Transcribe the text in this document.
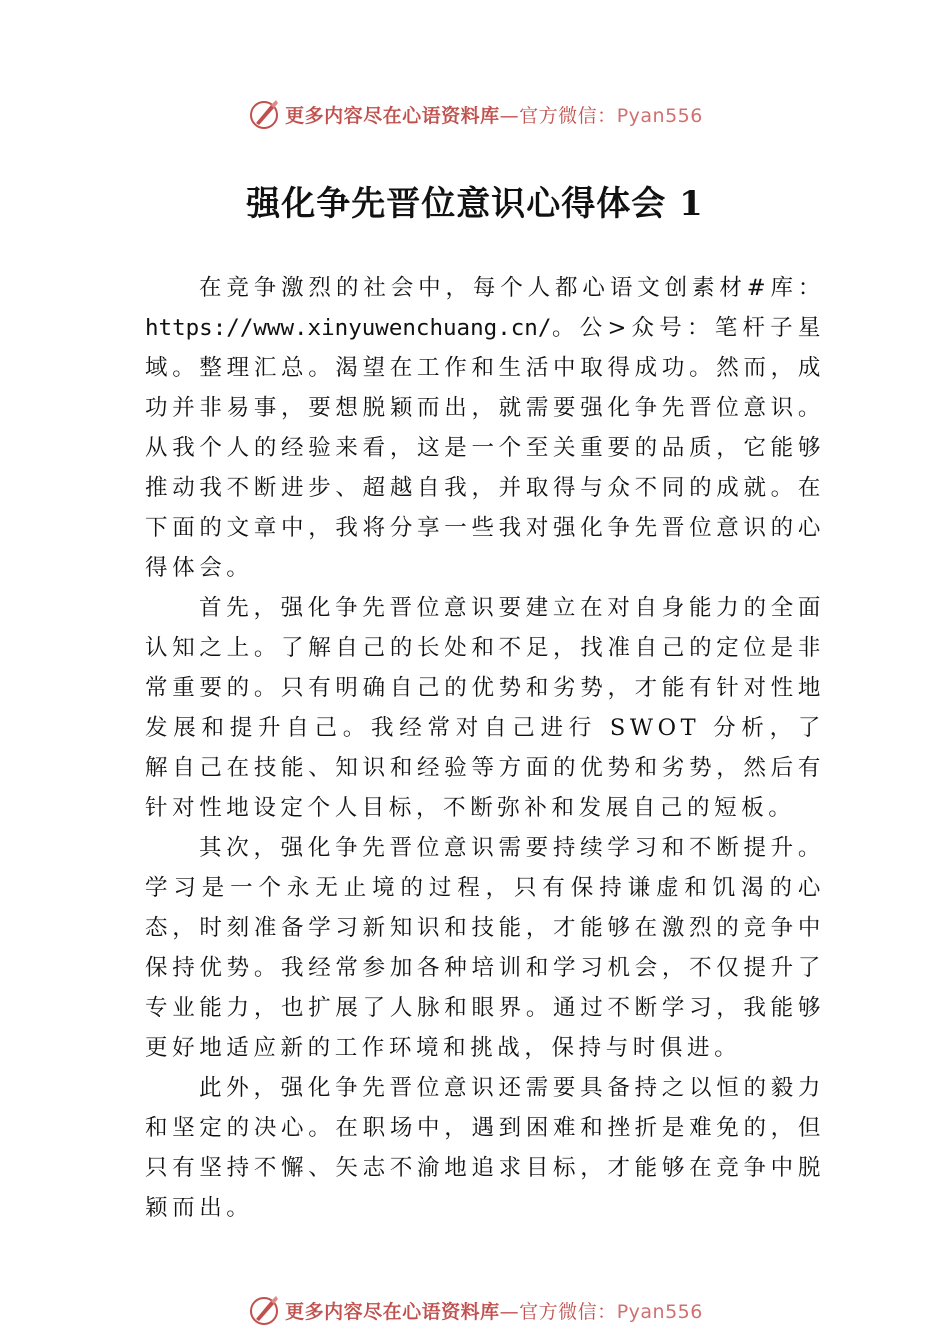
更多内容尽在心语资料库—官方微信：Pyan556
强化争先晋位意识心得体会 1

在竞争激烈的社会中，每个人都心语文创素材#库：https://www.xinyuwenchuang.cn/。公>众号：笔杆子星域。整理汇总。渴望在工作和生活中取得成功。然而，成功并非易事，要想脱颖而出，就需要强化争先晋位意识。从我个人的经验来看，这是一个至关重要的品质，它能够推动我不断进步、超越自我，并取得与众不同的成就。在下面的文章中，我将分享一些我对强化争先晋位意识的心得体会。

首先，强化争先晋位意识要建立在对自身能力的全面认知之上。了解自己的长处和不足，找准自己的定位是非常重要的。只有明确自己的优势和劣势，才能有针对性地发展和提升自己。我经常对自己进行 SWOT 分析，了解自己在技能、知识和经验等方面的优势和劣势，然后有针对性地设定个人目标，不断弥补和发展自己的短板。

其次，强化争先晋位意识需要持续学习和不断提升。学习是一个永无止境的过程，只有保持谦虚和饥渴的心态，时刻准备学习新知识和技能，才能够在激烈的竞争中保持优势。我经常参加各种培训和学习机会，不仅提升了专业能力，也扩展了人脉和眼界。通过不断学习，我能够更好地适应新的工作环境和挑战，保持与时俱进。

此外，强化争先晋位意识还需要具备持之以恒的毅力和坚定的决心。在职场中，遇到困难和挫折是难免的，但只有坚持不懈、矢志不渝地追求目标，才能够在竞争中脱颖而出。

更多内容尽在心语资料库—官方微信：Pyan556
